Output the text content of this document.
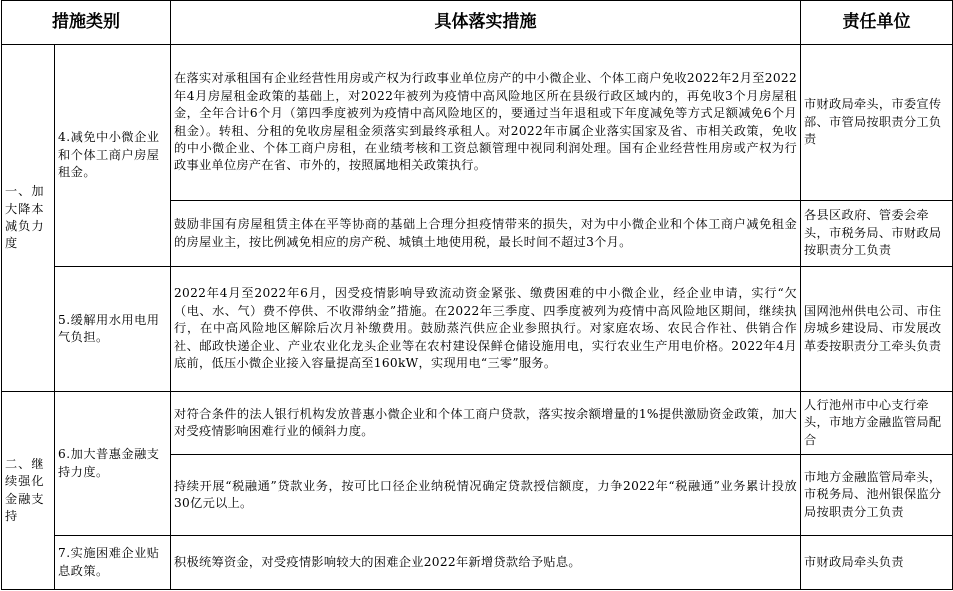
措施类别		具体落实措施	责任单位
一、加大降本减负力度	4.减免中小微企业和个体工商户房屋租金。	在落实对承租国有企业经营性用房或产权为行政事业单位房产的中小微企业、个体工商户免收2022年2月至2022年4月房屋租金政策的基础上，对2022年被列为疫情中高风险地区所在县级行政区域内的，再免收3个月房屋租金，全年合计6个月（第四季度被列为疫情中高风险地区的，要通过当年退租或下年度减免等方式足额减免6个月租金）。转租、分租的免收房屋租金须落实到最终承租人。对2022年市属企业落实国家及省、市相关政策，免收的中小微企业、个体工商户房租，在业绩考核和工资总额管理中视同利润处理。国有企业经营性用房或产权为行政事业单位房产在省、市外的，按照属地相关政策执行。	市财政局牵头，市委宣传部、市管局按职责分工负责
		鼓励非国有房屋租赁主体在平等协商的基础上合理分担疫情带来的损失，对为中小微企业和个体工商户减免租金的房屋业主，按比例减免相应的房产税、城镇土地使用税，最长时间不超过3个月。	各县区政府、管委会牵头，市税务局、市财政局按职责分工负责
	5.缓解用水用电用气负担。	2022年4月至2022年6月，因受疫情影响导致流动资金紧张、缴费困难的中小微企业，经企业申请，实行“欠（电、水、气）费不停供、不收滞纳金”措施。在2022年三季度、四季度被列为疫情中高风险地区期间，继续执行，在中高风险地区解除后次月补缴费用。鼓励蒸汽供应企业参照执行。对家庭农场、农民合作社、供销合作社、邮政快递企业、产业农业化龙头企业等在农村建设保鲜仓储设施用电，实行农业生产用电价格。2022年4月底前，低压小微企业接入容量提高至160kW，实现用电“三零”服务。	国网池州供电公司、市住房城乡建设局、市发展改革委按职责分工牵头负责
二、继续强化金融支持	6.加大普惠金融支持力度。	对符合条件的法人银行机构发放普惠小微企业和个体工商户贷款，落实按余额增量的1%提供激励资金政策，加大对受疫情影响困难行业的倾斜力度。	人行池州市中心支行牵头，市地方金融监管局配合
		持续开展“税融通”贷款业务，按可比口径企业纳税情况确定贷款授信额度，力争2022年“税融通”业务累计投放30亿元以上。	市地方金融监管局牵头，市税务局、池州银保监分局按职责分工负责
	7.实施困难企业贴息政策。	积极统筹资金，对受疫情影响较大的困难企业2022年新增贷款给予贴息。	市财政局牵头负责
